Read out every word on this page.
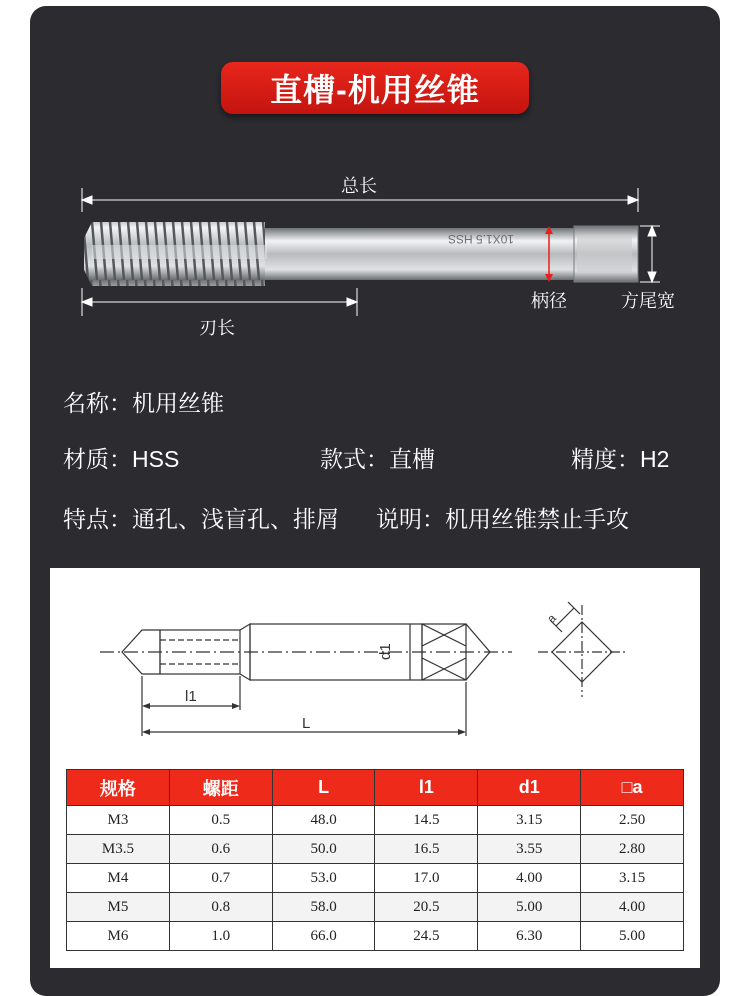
直槽-机用丝锥
10X1.5 HSS
总长
柄径	方尾宽
刃长
名称：机用丝锥
材质：HSS	款式：直槽	精度：H2
特点：通孔、浅盲孔、排屑 说明：机用丝锥禁止手攻
d1
l1
L
a
规格	螺距	L	l1	d1	□a
M3	0.5	48.0	14.5	3.15	2.50
M3.5	0.6	50.0	16.5	3.55	2.80
M4	0.7	53.0	17.0	4.00	3.15
M5	0.8	58.0	20.5	5.00	4.00
M6	1.0	66.0	24.5	6.30	5.00
